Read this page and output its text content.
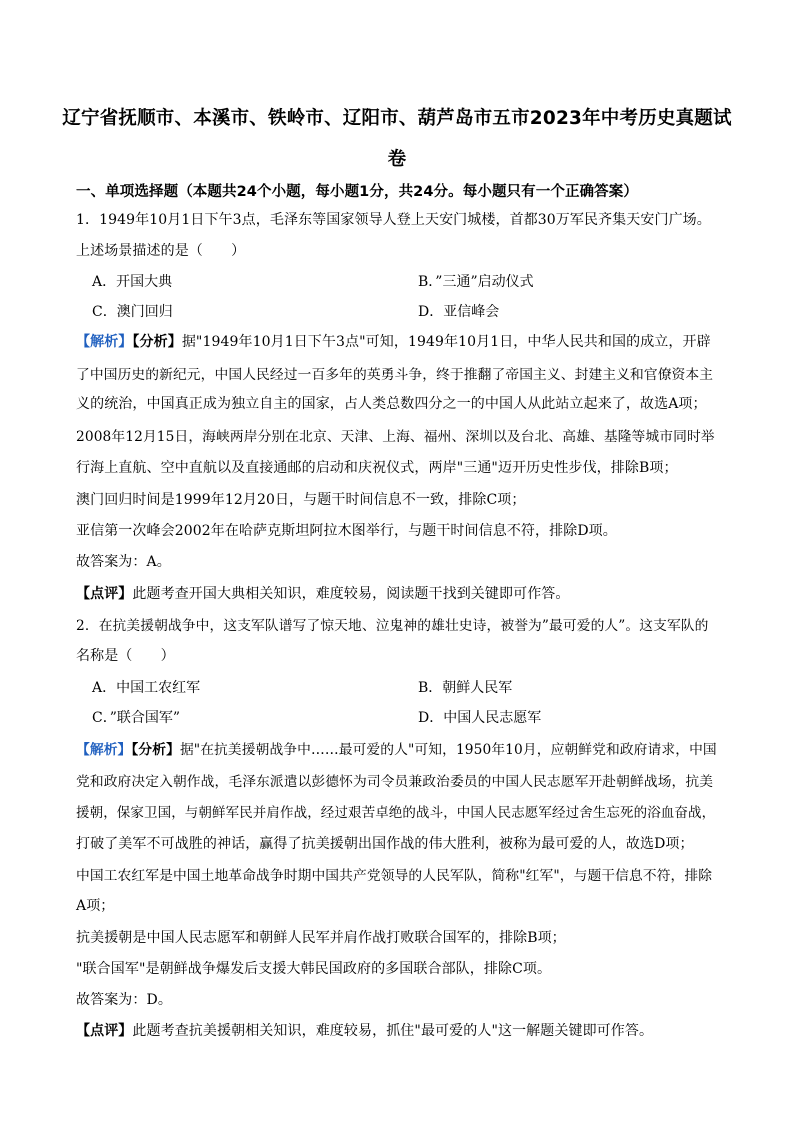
辽宁省抚顺市、本溪市、铁岭市、辽阳市、葫芦岛市五市2023年中考历史真题试
卷
一、单项选择题（本题共24个小题，每小题1分，共24分。每小题只有一个正确答案）
1．1949年10月1日下午3点，毛泽东等国家领导人登上天安门城楼，首都30万军民齐集天安门广场。
上述场景描述的是（　　）
A．开国大典	B．”三通”启动仪式
C．澳门回归	D．亚信峰会
【解析】【分析】据"1949年10月1日下午3点"可知，1949年10月1日，中华人民共和国的成立，开辟
了中国历史的新纪元，中国人民经过一百多年的英勇斗争，终于推翻了帝国主义、封建主义和官僚资本主
义的统治，中国真正成为独立自主的国家，占人类总数四分之一的中国人从此站立起来了，故选A项；
2008年12月15日，海峡两岸分别在北京、天津、上海、福州、深圳以及台北、高雄、基隆等城市同时举
行海上直航、空中直航以及直接通邮的启动和庆祝仪式，两岸"三通"迈开历史性步伐，排除B项；
澳门回归时间是1999年12月20日，与题干时间信息不一致，排除C项；
亚信第一次峰会2002年在哈萨克斯坦阿拉木图举行，与题干时间信息不符，排除D项。
故答案为：A。
【点评】此题考查开国大典相关知识，难度较易，阅读题干找到关键即可作答。
2．在抗美援朝战争中，这支军队谱写了惊天地、泣鬼神的雄壮史诗，被誉为”最可爱的人”。这支军队的
名称是（　　）
A．中国工农红军	B．朝鲜人民军
C．”联合国军”	D．中国人民志愿军
【解析】【分析】据"在抗美援朝战争中……最可爱的人"可知，1950年10月，应朝鲜党和政府请求，中国
党和政府决定入朝作战，毛泽东派遣以彭德怀为司令员兼政治委员的中国人民志愿军开赴朝鲜战场，抗美
援朝，保家卫国，与朝鲜军民并肩作战，经过艰苦卓绝的战斗，中国人民志愿军经过舍生忘死的浴血奋战，
打破了美军不可战胜的神话，赢得了抗美援朝出国作战的伟大胜利，被称为最可爱的人，故选D项；
中国工农红军是中国土地革命战争时期中国共产党领导的人民军队，简称"红军"，与题干信息不符，排除
A项；
抗美援朝是中国人民志愿军和朝鲜人民军并肩作战打败联合国军的，排除B项；
"联合国军"是朝鲜战争爆发后支援大韩民国政府的多国联合部队，排除C项。
故答案为：D。
【点评】此题考查抗美援朝相关知识，难度较易，抓住"最可爱的人"这一解题关键即可作答。
